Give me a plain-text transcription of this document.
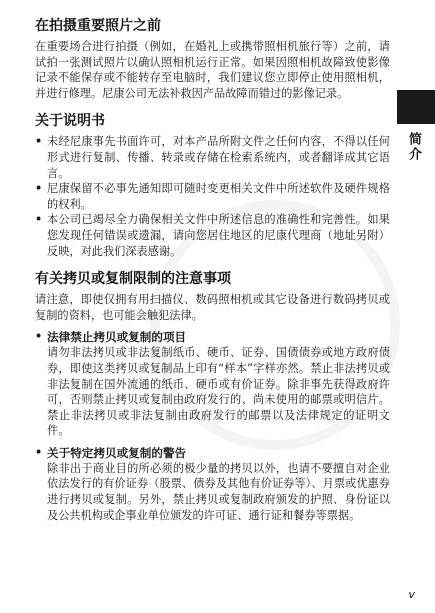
简介
在拍摄重要照片之前

在重要场合进行拍摄（例如，在婚礼上或携带照相机旅行等）之前，请试拍一张测试照片以确认照相机运行正常。如果因照相机故障致使影像记录不能保存或不能转存至电脑时，我们建议您立即停止使用照相机，并进行修理。尼康公司无法补救因产品故障而错过的影像记录。

关于说明书
• 未经尼康事先书面许可，对本产品所附文件之任何内容，不得以任何形式进行复制、传播、转录或存储在检索系统内，或者翻译成其它语言。
• 尼康保留不必事先通知即可随时变更相关文件中所述软件及硬件规格的权利。
• 本公司已竭尽全力确保相关文件中所述信息的准确性和完善性。如果您发现任何错误或遗漏，请向您居住地区的尼康代理商（地址另附）反映，对此我们深表感谢。
有关拷贝或复制限制的注意事项

请注意，即使仅拥有用扫描仪、数码照相机或其它设备进行数码拷贝或复制的资料，也可能会触犯法律。

• 法律禁止拷贝或复制的项目
请勿非法拷贝或非法复制纸币、硬币、证券、国债债券或地方政府债券，即使这类拷贝或复制品上印有“样本”字样亦然。禁止非法拷贝或非法复制在国外流通的纸币、硬币或有价证券。除非事先获得政府许可，否则禁止拷贝或复制由政府发行的、尚未使用的邮票或明信片。禁止非法拷贝或非法复制由政府发行的邮票以及法律规定的证明文件。
• 关于特定拷贝或复制的警告
除非出于商业目的所必须的极少量的拷贝以外，也请不要擅自对企业依法发行的有价证券（股票、债券及其他有价证券等）、月票或优惠券进行拷贝或复制。另外，禁止拷贝或复制政府颁发的护照、身份证以及公共机构或企事业单位颁发的许可证、通行证和餐券等票据。
v
